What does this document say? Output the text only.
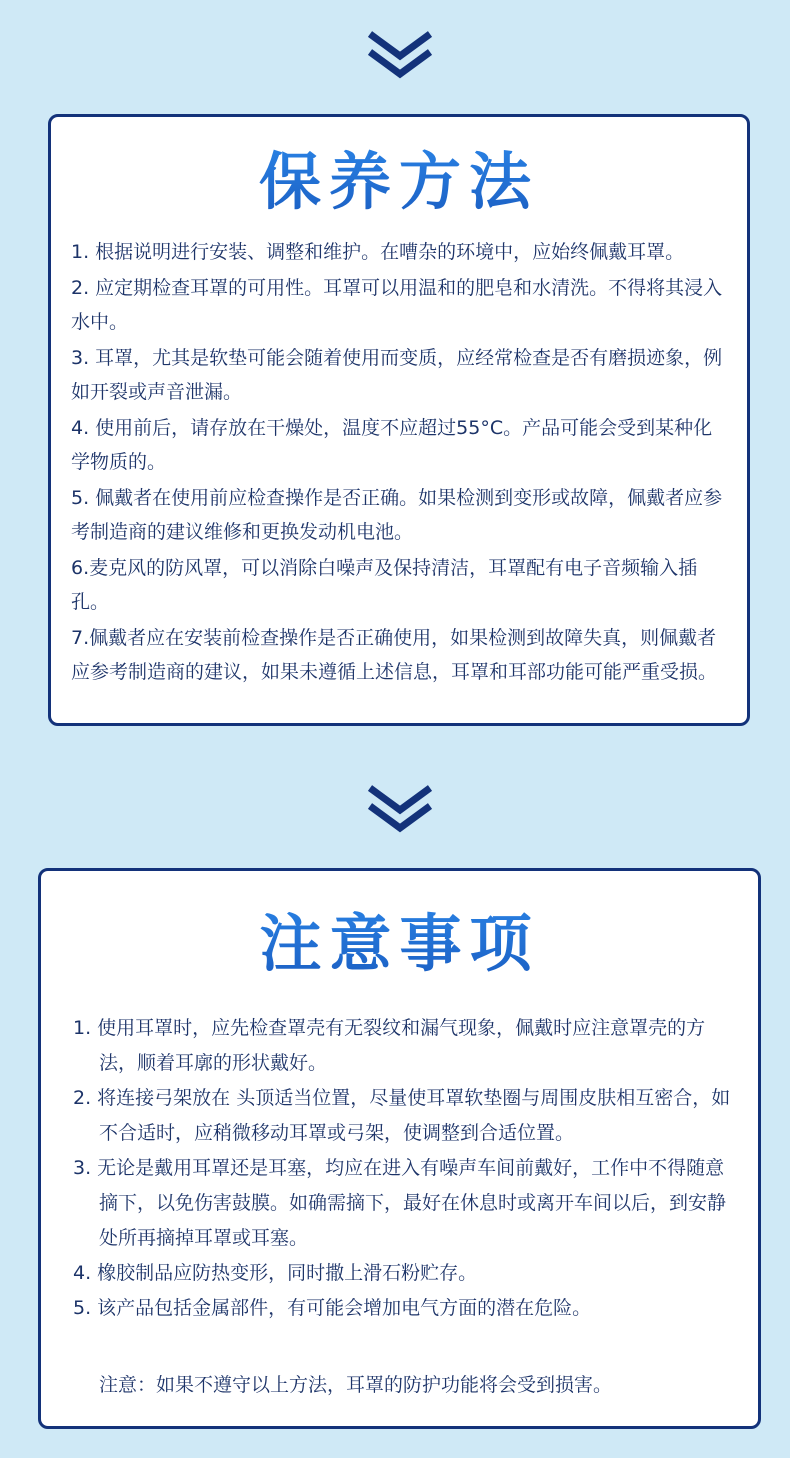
保养方法
1. 根据说明进行安装、调整和维护。在嘈杂的环境中，应始终佩戴耳罩。
2. 应定期检查耳罩的可用性。耳罩可以用温和的肥皂和水清洗。不得将其浸入水中。
3. 耳罩，尤其是软垫可能会随着使用而变质，应经常检查是否有磨损迹象，例如开裂或声音泄漏。
4. 使用前后，请存放在干燥处，温度不应超过55°C。产品可能会受到某种化学物质的。
5. 佩戴者在使用前应检查操作是否正确。如果检测到变形或故障，佩戴者应参考制造商的建议维修和更换发动机电池。
6.麦克风的防风罩，可以消除白噪声及保持清洁，耳罩配有电子音频输入插孔。
7.佩戴者应在安装前检查操作是否正确使用，如果检测到故障失真，则佩戴者应参考制造商的建议，如果未遵循上述信息，耳罩和耳部功能可能严重受损。
注意事项
1. 使用耳罩时，应先检查罩壳有无裂纹和漏气现象，佩戴时应注意罩壳的方法，顺着耳廓的形状戴好。
2. 将连接弓架放在 头顶适当位置，尽量使耳罩软垫圈与周围皮肤相互密合，如不合适时，应稍微移动耳罩或弓架，使调整到合适位置。
3. 无论是戴用耳罩还是耳塞，均应在进入有噪声车间前戴好，工作中不得随意摘下，以免伤害鼓膜。如确需摘下，最好在休息时或离开车间以后，到安静处所再摘掉耳罩或耳塞。
4. 橡胶制品应防热变形，同时撒上滑石粉贮存。
5. 该产品包括金属部件，有可能会增加电气方面的潜在危险。

注意：如果不遵守以上方法，耳罩的防护功能将会受到损害。
